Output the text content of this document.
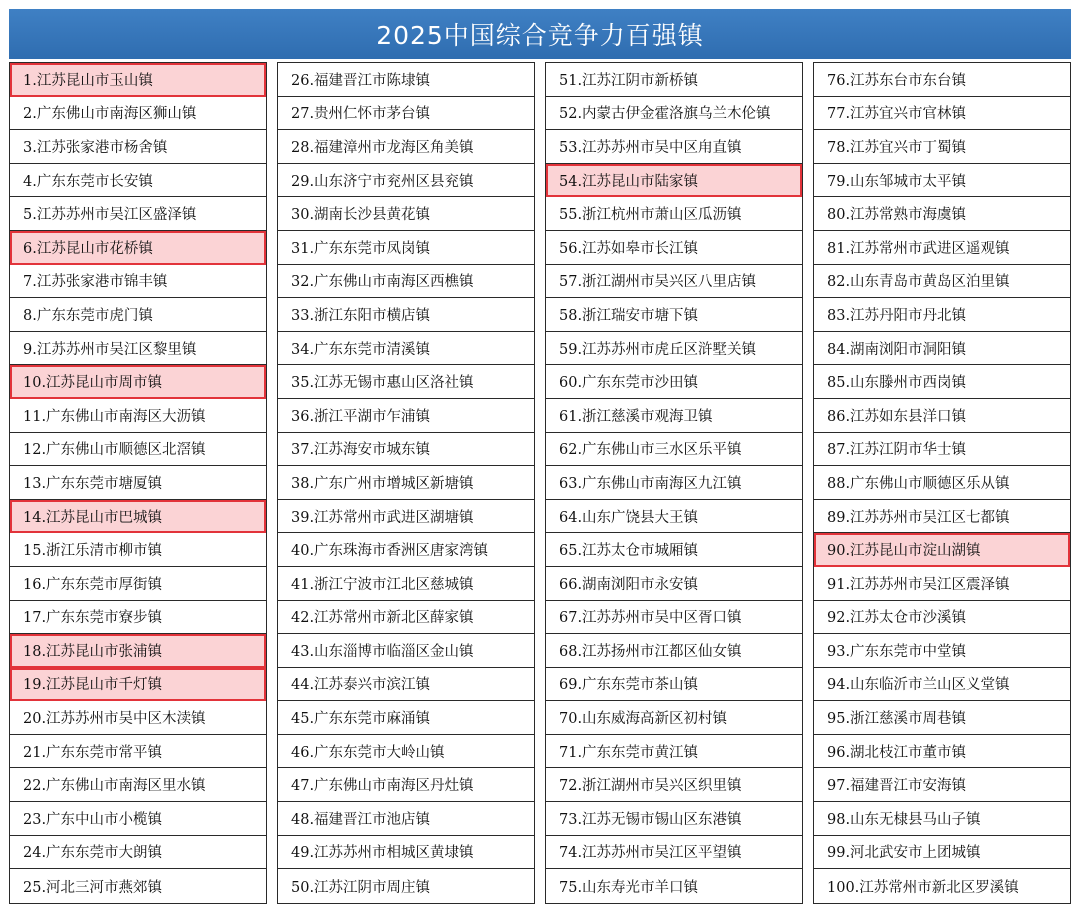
2025中国综合竞争力百强镇
1.江苏昆山市玉山镇
2.广东佛山市南海区狮山镇
3.江苏张家港市杨舍镇
4.广东东莞市长安镇
5.江苏苏州市吴江区盛泽镇
6.江苏昆山市花桥镇
7.江苏张家港市锦丰镇
8.广东东莞市虎门镇
9.江苏苏州市吴江区黎里镇
10.江苏昆山市周市镇
11.广东佛山市南海区大沥镇
12.广东佛山市顺德区北滘镇
13.广东东莞市塘厦镇
14.江苏昆山市巴城镇
15.浙江乐清市柳市镇
16.广东东莞市厚街镇
17.广东东莞市寮步镇
18.江苏昆山市张浦镇
19.江苏昆山市千灯镇
20.江苏苏州市吴中区木渎镇
21.广东东莞市常平镇
22.广东佛山市南海区里水镇
23.广东中山市小榄镇
24.广东东莞市大朗镇
25.河北三河市燕郊镇
26.福建晋江市陈埭镇
27.贵州仁怀市茅台镇
28.福建漳州市龙海区角美镇
29.山东济宁市兖州区县兖镇
30.湖南长沙县黄花镇
31.广东东莞市凤岗镇
32.广东佛山市南海区西樵镇
33.浙江东阳市横店镇
34.广东东莞市清溪镇
35.江苏无锡市惠山区洛社镇
36.浙江平湖市乍浦镇
37.江苏海安市城东镇
38.广东广州市增城区新塘镇
39.江苏常州市武进区湖塘镇
40.广东珠海市香洲区唐家湾镇
41.浙江宁波市江北区慈城镇
42.江苏常州市新北区薛家镇
43.山东淄博市临淄区金山镇
44.江苏泰兴市滨江镇
45.广东东莞市麻涌镇
46.广东东莞市大岭山镇
47.广东佛山市南海区丹灶镇
48.福建晋江市池店镇
49.江苏苏州市相城区黄埭镇
50.江苏江阴市周庄镇
51.江苏江阴市新桥镇
52.内蒙古伊金霍洛旗乌兰木伦镇
53.江苏苏州市吴中区甪直镇
54.江苏昆山市陆家镇
55.浙江杭州市萧山区瓜沥镇
56.江苏如皋市长江镇
57.浙江湖州市吴兴区八里店镇
58.浙江瑞安市塘下镇
59.江苏苏州市虎丘区浒墅关镇
60.广东东莞市沙田镇
61.浙江慈溪市观海卫镇
62.广东佛山市三水区乐平镇
63.广东佛山市南海区九江镇
64.山东广饶县大王镇
65.江苏太仓市城厢镇
66.湖南浏阳市永安镇
67.江苏苏州市吴中区胥口镇
68.江苏扬州市江都区仙女镇
69.广东东莞市茶山镇
70.山东威海高新区初村镇
71.广东东莞市黄江镇
72.浙江湖州市吴兴区织里镇
73.江苏无锡市锡山区东港镇
74.江苏苏州市吴江区平望镇
75.山东寿光市羊口镇
76.江苏东台市东台镇
77.江苏宜兴市官林镇
78.江苏宜兴市丁蜀镇
79.山东邹城市太平镇
80.江苏常熟市海虞镇
81.江苏常州市武进区遥观镇
82.山东青岛市黄岛区泊里镇
83.江苏丹阳市丹北镇
84.湖南浏阳市洞阳镇
85.山东滕州市西岗镇
86.江苏如东县洋口镇
87.江苏江阴市华士镇
88.广东佛山市顺德区乐从镇
89.江苏苏州市吴江区七都镇
90.江苏昆山市淀山湖镇
91.江苏苏州市吴江区震泽镇
92.江苏太仓市沙溪镇
93.广东东莞市中堂镇
94.山东临沂市兰山区义堂镇
95.浙江慈溪市周巷镇
96.湖北枝江市董市镇
97.福建晋江市安海镇
98.山东无棣县马山子镇
99.河北武安市上团城镇
100.江苏常州市新北区罗溪镇
